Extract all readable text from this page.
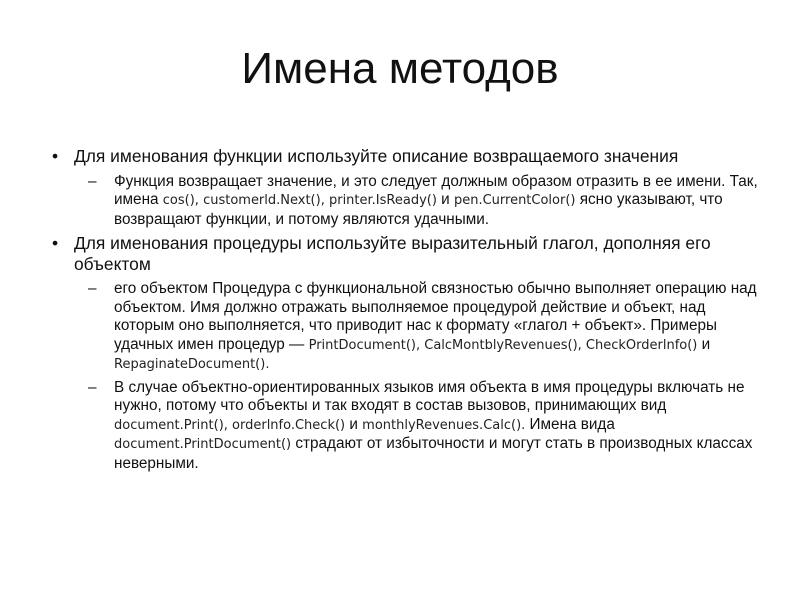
Имена методов
• Для именования функции используйте описание возвращаемого значения
– Функция возвращает значение, и это следует должным образом отразить в ее имени. Так, имена cos(), customerld.Next(), printer.IsReady() и pen.CurrentColor() ясно указывают, что возвращают функции, и потому являются удачными.
• Для именования процедуры используйте выразительный глагол, дополняя его объектом
– его объектом Процедура с функциональной связностью обычно выполняет операцию над объектом. Имя должно отражать выполняемое процедурой действие и объект, над которым оно выполняется, что приводит нас к формату «глагол + объект». Примеры удачных имен процедур — PrintDocument(), CalcMontblyRevenues(), CheckOrderlnfo() и RepaginateDocument().
– В случае объектно-ориентированных языков имя объекта в имя процедуры включать не нужно, потому что объекты и так входят в состав вызовов, принимающих вид document.Print(), orderlnfo.Check() и monthlyRevenues.Calc(). Имена вида document.PrintDocument() страдают от избыточности и могут стать в производных классах неверными.
